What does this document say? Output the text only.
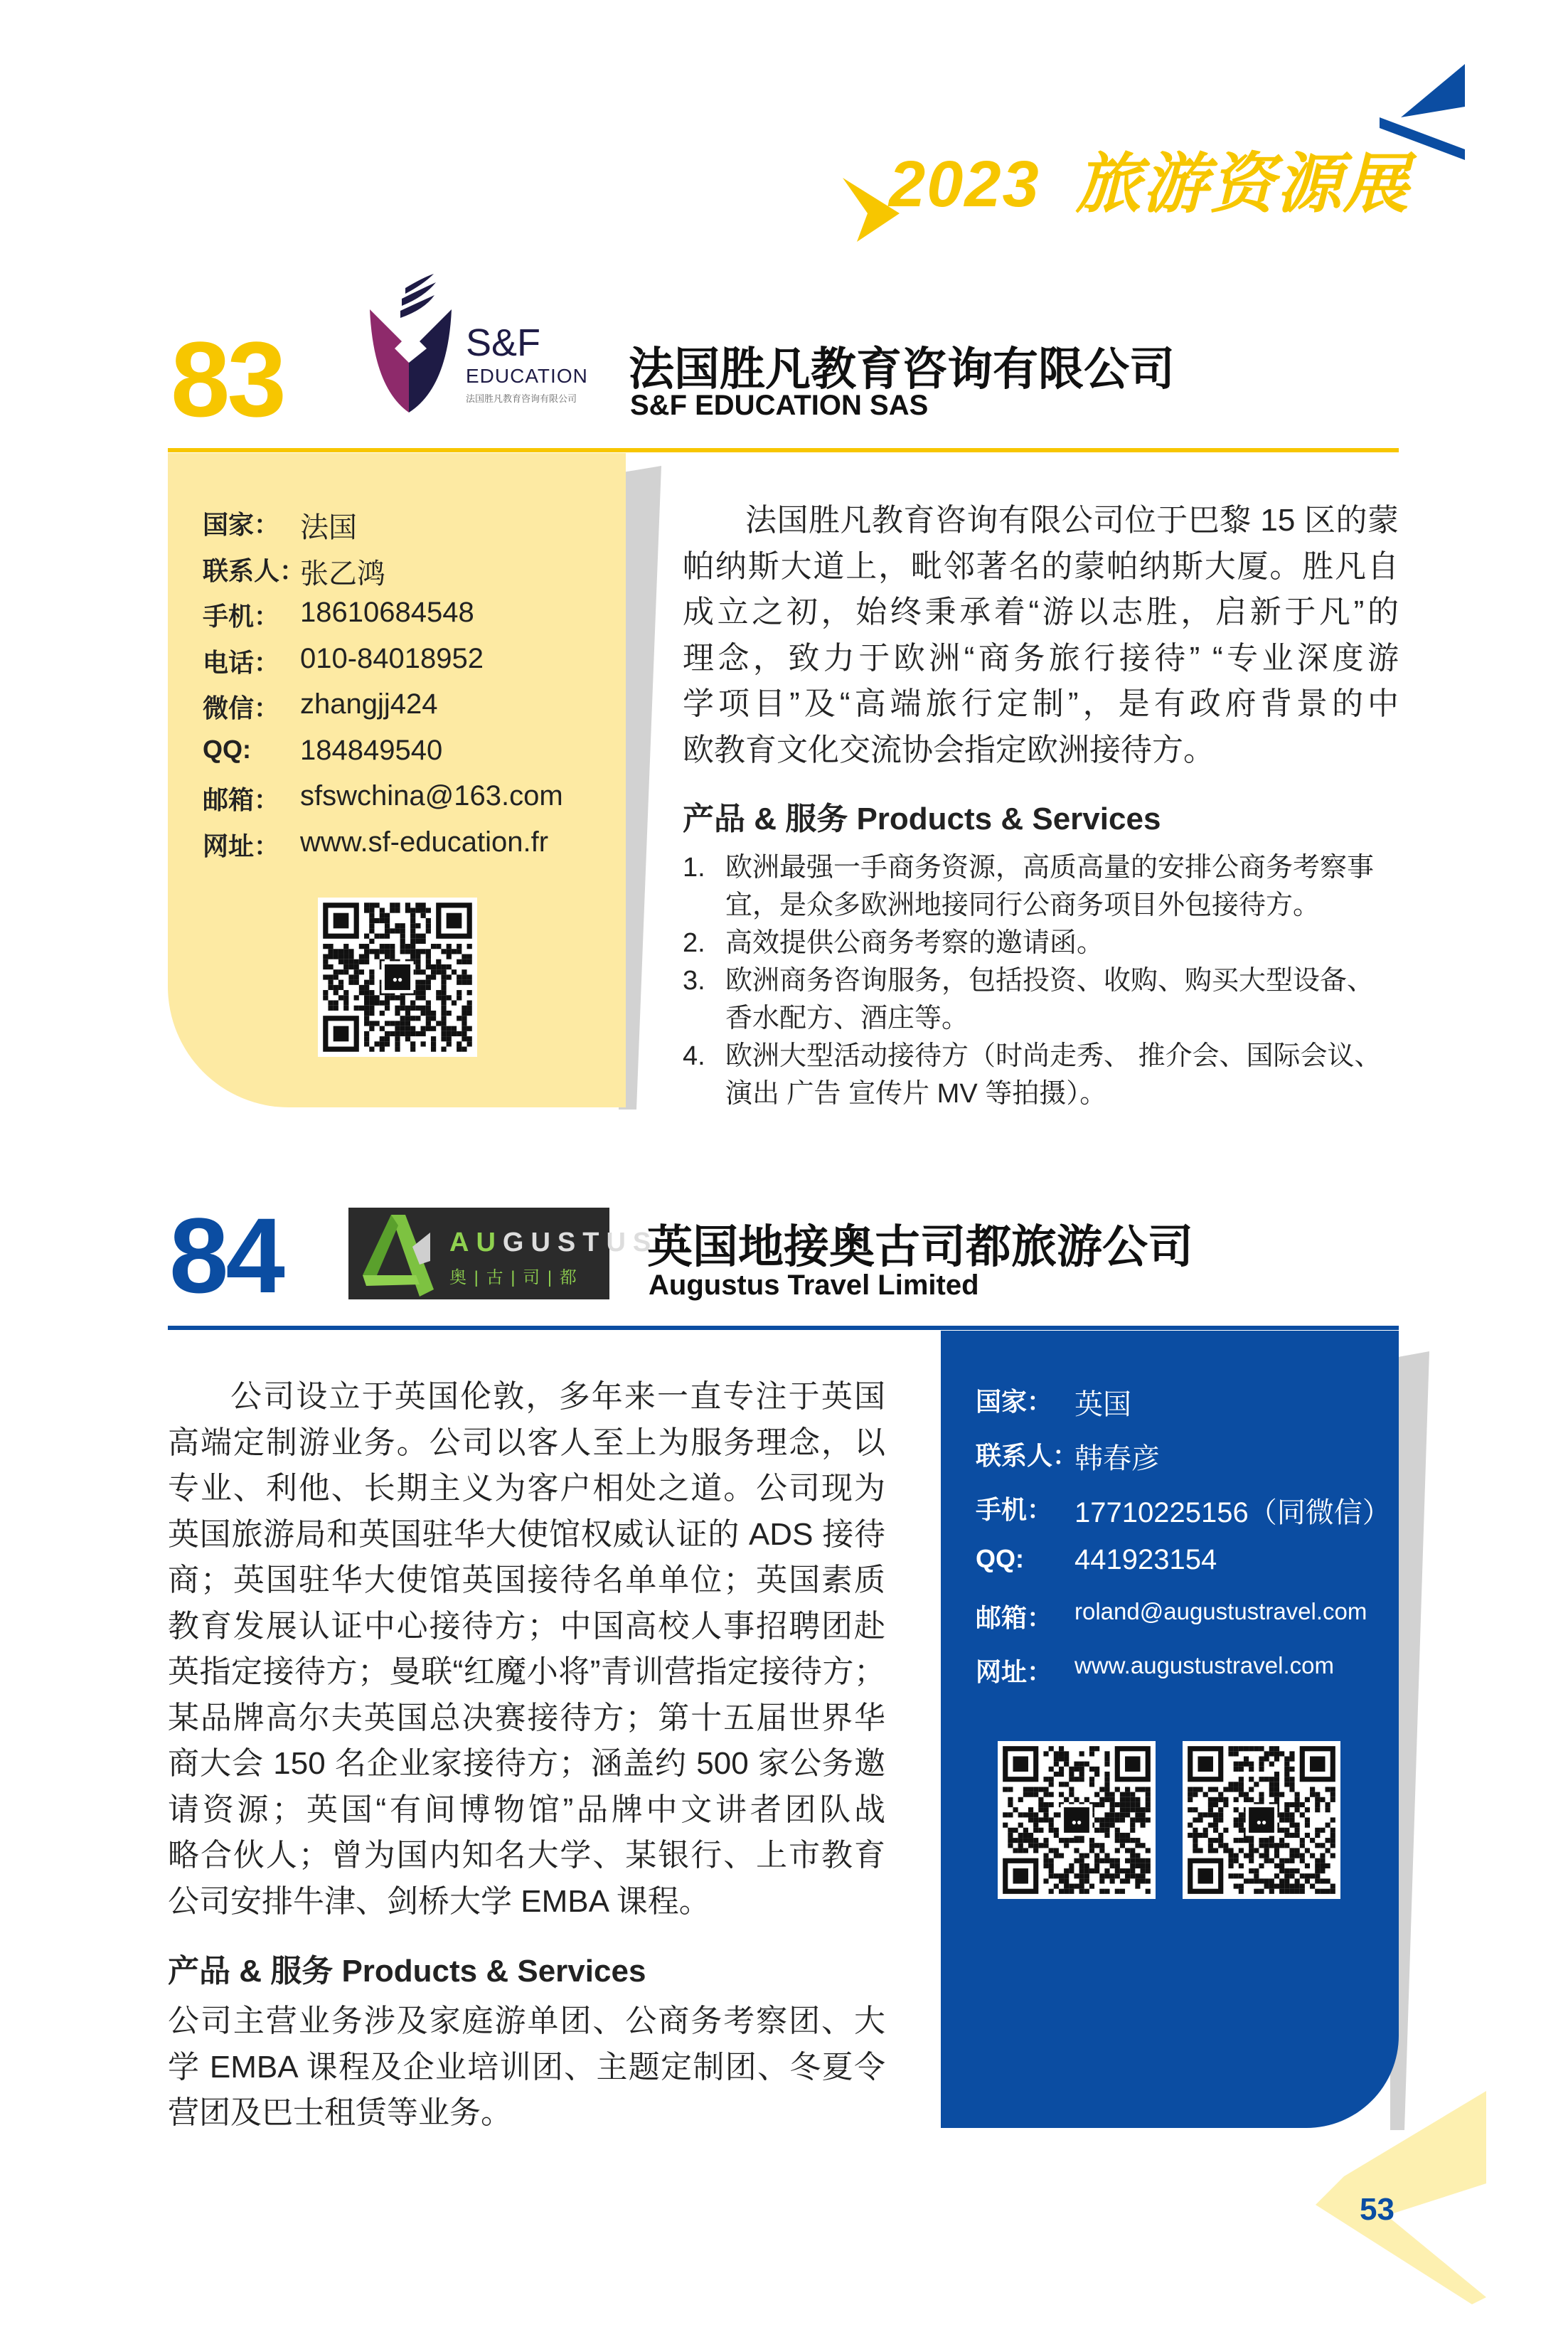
2023 旅游资源展
83	S&F
EDUCATION
法国胜凡教育咨询有限公司
法国胜凡教育咨询有限公司
S&F EDUCATION SAS
国家： 法国
联系人：
张乙鸿
手机： 18610684548
电话： 010-84018952
微信： zhangjj424
QQ: 184849540
邮箱： sfswchina@163.com
网址： www.sf-education.fr
●●
法国胜凡教育咨询有限公司位于巴黎 15 区的蒙
帕纳斯大道上，毗邻著名的蒙帕纳斯大厦。胜凡自
成立之初，始终秉承着“游以志胜，启新于凡”的
理念，致力于欧洲“商务旅行接待” “专业深度游
学项目”及“高端旅行定制”，是有政府背景的中
欧教育文化交流协会指定欧洲接待方。
产品 & 服务 Products & Services
1. 欧洲最强一手商务资源，高质高量的安排公商务考察事
宜，是众多欧洲地接同行公商务项目外包接待方。
2. 高效提供公商务考察的邀请函。
3. 欧洲商务咨询服务，包括投资、收购、购买大型设备、
香水配方、酒庄等。
4. 欧洲大型活动接待方（时尚走秀、 推介会、国际会议、
演出 广告 宣传片 MV 等拍摄）。
84	AUGUSTUS
奥 | 古 | 司 | 都
英国地接奥古司都旅游公司
Augustus Travel Limited
公司设立于英国伦敦，多年来一直专注于英国
高端定制游业务。公司以客人至上为服务理念，以
专业、利他、长期主义为客户相处之道。公司现为
英国旅游局和英国驻华大使馆权威认证的 ADS 接待
商；英国驻华大使馆英国接待名单单位；英国素质
教育发展认证中心接待方；中国高校人事招聘团赴
英指定接待方；曼联“红魔小将”青训营指定接待方；
某品牌高尔夫英国总决赛接待方；第十五届世界华
商大会 150 名企业家接待方；涵盖约 500 家公务邀
请资源；英国“有间博物馆”品牌中文讲者团队战
略合伙人；曾为国内知名大学、某银行、上市教育
公司安排牛津、剑桥大学 EMBA 课程。
产品 & 服务 Products & Services
公司主营业务涉及家庭游单团、公商务考察团、大
学 EMBA 课程及企业培训团、主题定制团、冬夏令
营团及巴士租赁等业务。
国家： 英国
联系人：
韩春彦
手机： 17710225156（同微信）
QQ: 441923154
邮箱： roland@augustustravel.com
网址： www.augustustravel.com
●●	●●
53
